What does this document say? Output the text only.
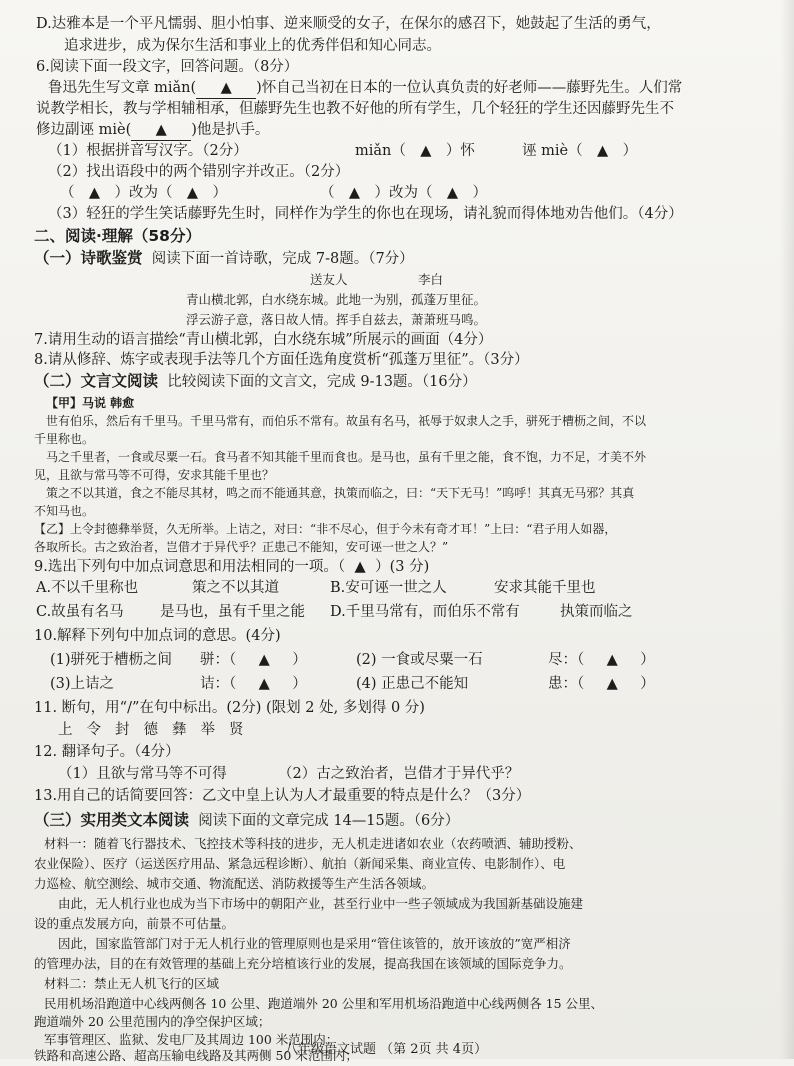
D.达雅本是一个平凡懦弱、胆小怕事、逆来顺受的女子，在保尔的感召下，她鼓起了生活的勇气，
追求进步，成为保尔生活和事业上的优秀伴侣和知心同志。
6.阅读下面一段文字，回答问题。（8分）
鲁迅先生写文章 miǎn( ▲ )怀自己当初在日本的一位认真负责的好老师——藤野先生。人们常
说教学相长，教与学相辅相承，但藤野先生也教不好他的所有学生，几个轻狂的学生还因藤野先生不
修边副诬 miè( ▲ )他是扒手。
（1）根据拼音写汉字。（2分）	miǎn（ ▲ ）怀	诬 miè（ ▲ ）
（2）找出语段中的两个错别字并改正。（2分）
（ ▲ ）改为（ ▲ ）	（ ▲ ）改为（ ▲ ）
（3）轻狂的学生笑话藤野先生时，同样作为学生的你也在现场，请礼貌而得体地劝告他们。（4分）
二、阅读·理解（58分）
（一）诗歌鉴赏 阅读下面一首诗歌，完成 7-8题。（7分）
送友人	李白
青山横北郭，白水绕东城。此地一为别，孤蓬万里征。
浮云游子意，落日故人情。挥手自兹去，萧萧班马鸣。
7.请用生动的语言描绘“青山横北郭，白水绕东城”所展示的画面（4分）
8.请从修辞、炼字或表现手法等几个方面任选角度赏析“孤蓬万里征”。（3分）
（二）文言文阅读 比较阅读下面的文言文，完成 9-13题。（16分）
【甲】马说 韩愈
世有伯乐，然后有千里马。千里马常有，而伯乐不常有。故虽有名马，祇辱于奴隶人之手，骈死于槽枥之间，不以
千里称也。
马之千里者，一食或尽粟一石。食马者不知其能千里而食也。是马也，虽有千里之能，食不饱，力不足，才美不外
见，且欲与常马等不可得，安求其能千里也？
策之不以其道，食之不能尽其材，鸣之而不能通其意，执策而临之，曰：“天下无马！”呜呼！其真无马邪？其真
不知马也。
【乙】上令封德彝举贤，久无所举。上诘之，对曰：“非不尽心，但于今未有奇才耳！”上曰：“君子用人如器，
各取所长。古之致治者，岂借才于异代乎？正患己不能知，安可诬一世之人？”
9.选出下列句中加点词意思和用法相同的一项。（ ▲ ）(3 分)
A.不以千里称也	策之不以其道	B.安可诬一世之人	安求其能千里也
C.故虽有名马	是马也，虽有千里之能 D.千里马常有，而伯乐不常有	执策而临之
10.解释下列句中加点词的意思。(4分)
(1)骈死于槽枥之间 骈：（ ▲ ）	(2) 一食或尽粟一石	尽：（ ▲ ）
(3)上诘之	诘：（ ▲ ）	(4) 正患己不能知	患：（ ▲ ）
11. 断句，用“/”在句中标出。(2分) (限划 2 处, 多划得 0 分)
上令封德彝举贤
12. 翻译句子。（4分）
（1）且欲与常马等不可得	（2）古之致治者，岂借才于异代乎？
13.用自己的话简要回答：乙文中皇上认为人才最重要的特点是什么？（3分）
（三）实用类文本阅读 阅读下面的文章完成 14—15题。（6分）
材料一：随着飞行器技术、飞控技术等科技的进步，无人机走进诸如农业（农药喷洒、辅助授粉、
农业保险）、医疗（运送医疗用品、紧急远程诊断）、航拍（新闻采集、商业宣传、电影制作）、电
力巡检、航空测绘、城市交通、物流配送、消防救援等生产生活各领域。
由此，无人机行业也成为当下市场中的朝阳产业，甚至行业中一些子领域成为我国新基础设施建
设的重点发展方向，前景不可估量。
因此，国家监管部门对于无人机行业的管理原则也是采用“管住该管的，放开该放的”宽严相济
的管理办法，目的在有效管理的基础上充分培植该行业的发展，提高我国在该领域的国际竞争力。
材料二：禁止无人机飞行的区域
民用机场沿跑道中心线两侧各 10 公里、跑道端外 20 公里和军用机场沿跑道中心线两侧各 15 公里、
跑道端外 20 公里范围内的净空保护区域；
军事管理区、监狱、发电厂及其周边 100 米范围内；
铁路和高速公路、超高压输电线路及其两侧 50 米范围内；
八年级语文试题 （第 2页 共 4页）
